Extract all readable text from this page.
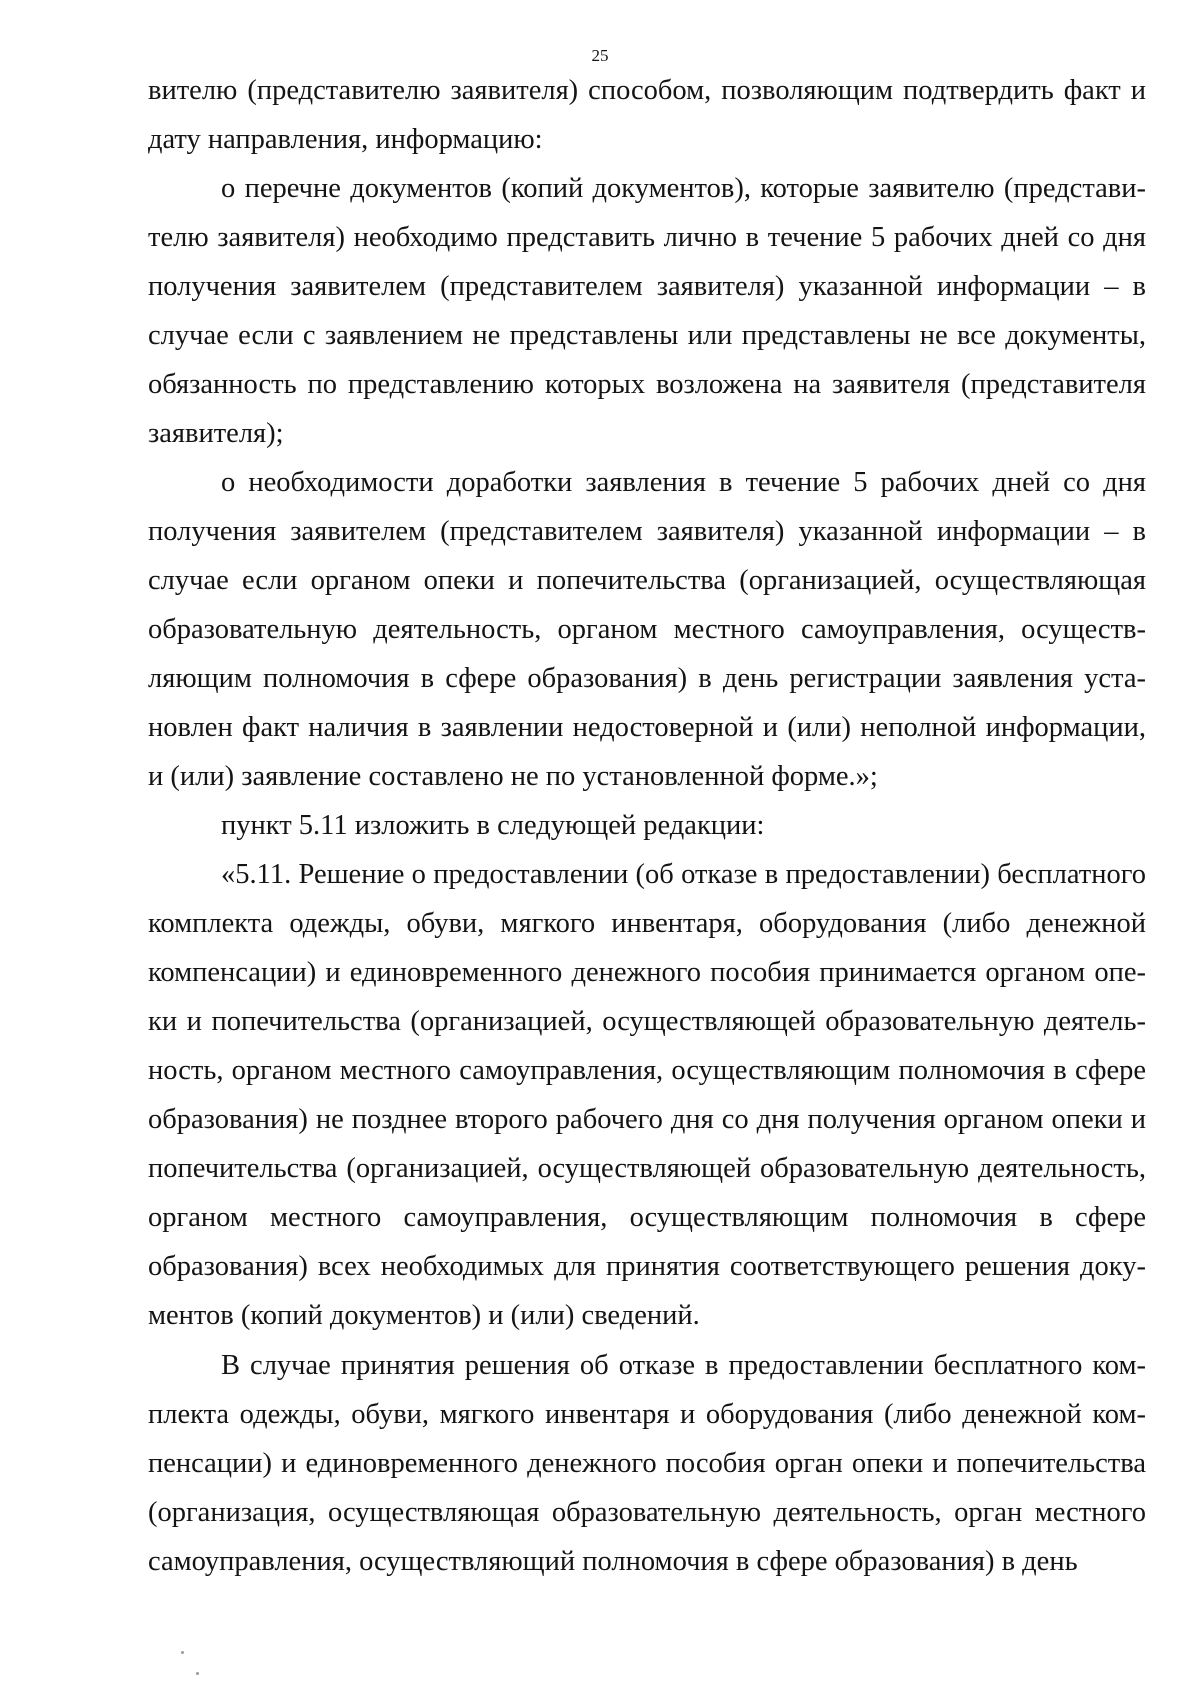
25

вителю (представителю заявителя) способом, позволяющим подтвердить факт и дату направления, информацию:

о перечне документов (копий документов), которые заявителю (представителю заявителя) необходимо представить лично в течение 5 рабочих дней со дня получения заявителем (представителем заявителя) указанной информации – в случае если с заявлением не представлены или представлены не все документы, обязанность по представлению которых возложена на заявителя (представителя заявителя);

о необходимости доработки заявления в течение 5 рабочих дней со дня получения заявителем (представителем заявителя) указанной информации – в случае если органом опеки и попечительства (организацией, осуществляющая образовательную деятельность, органом местного самоуправления, осуществляющим полномочия в сфере образования) в день регистрации заявления установлен факт наличия в заявлении недостоверной и (или) неполной информации, и (или) заявление составлено не по установленной форме.»;

пункт 5.11 изложить в следующей редакции:

«5.11. Решение о предоставлении (об отказе в предоставлении) бесплатного комплекта одежды, обуви, мягкого инвентаря, оборудования (либо денежной компенсации) и единовременного денежного пособия принимается органом опеки и попечительства (организацией, осуществляющей образовательную деятельность, органом местного самоуправления, осуществляющим полномочия в сфере образования) не позднее второго рабочего дня со дня получения органом опеки и попечительства (организацией, осуществляющей образовательную деятельность, органом местного самоуправления, осуществляющим полномочия в сфере образования) всех необходимых для принятия соответствующего решения документов (копий документов) и (или) сведений.

В случае принятия решения об отказе в предоставлении бесплатного комплекта одежды, обуви, мягкого инвентаря и оборудования (либо денежной компенсации) и единовременного денежного пособия орган опеки и попечительства (организация, осуществляющая образовательную деятельность, орган местного самоуправления, осуществляющий полномочия в сфере образования) в день
